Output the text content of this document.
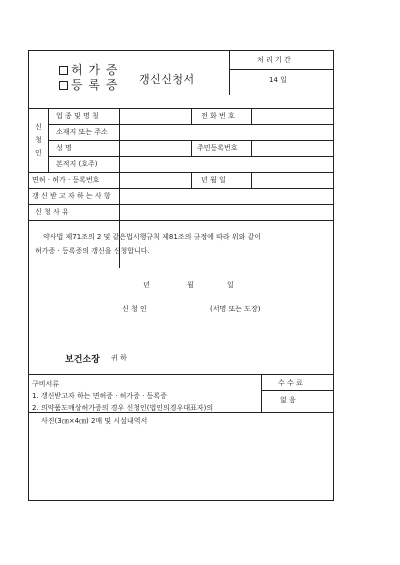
허 가 증
등 록 증 갱신신청서
처 리 기 간
14 일
신
청
인
업 종 및 명 칭	전 화 번 호
소재지 또는 주소
성 명	주민등록번호
본적지 (호주)
면허 · 허가 · 등록번호	년 월 일
갱 신 받 고 자 하 는 사 항
신 청 사 유
약사법 제71조의 2 및 같은법시행규칙 제81조의 규정에 따라 위와 같이
허가증 · 등록증의 갱신을 신청합니다.
년	월	일
신 청 인	(서명 또는 도장)
보건소장 귀 하
구비서류
1. 갱신받고자 하는 면허증 · 허가증 · 등록증
2. 의약품도매상허가증의 경우 신청인(법인의경우대표자)의
사진(3㎝×4㎝) 2매 및 시설내역서
수 수 료
없 음
